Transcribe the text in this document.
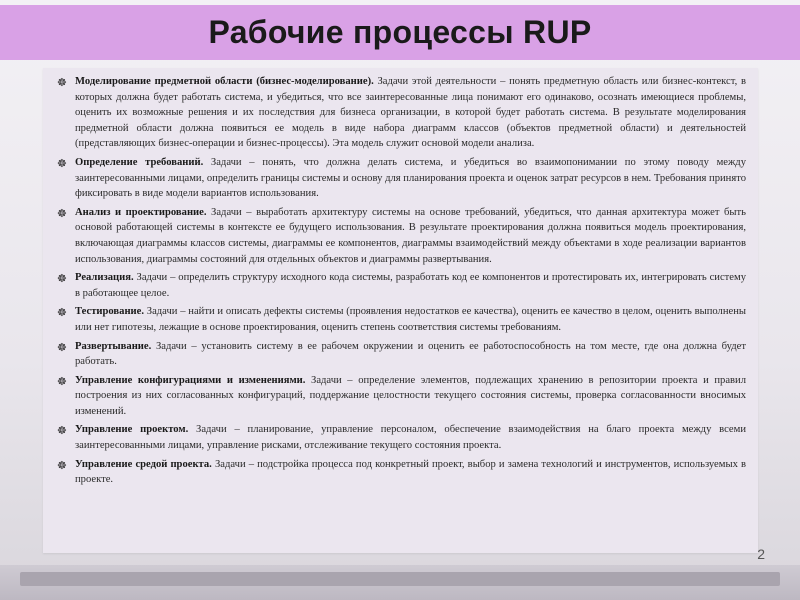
Рабочие процессы RUP
☸ Моделирование предметной области (бизнес-моделирование). Задачи этой деятельности – понять предметную область или бизнес-контекст, в которых должна будет работать система, и убедиться, что все заинтересованные лица понимают его одинаково, осознать имеющиеся проблемы, оценить их возможные решения и их последствия для бизнеса организации, в которой будет работать система. В результате моделирования предметной области должна появиться ее модель в виде набора диаграмм классов (объектов предметной области) и деятельностей (представляющих бизнес-операции и бизнес-процессы). Эта модель служит основой модели анализа.
☸ Определение требований. Задачи – понять, что должна делать система, и убедиться во взаимопонимании по этому поводу между заинтересованными лицами, определить границы системы и основу для планирования проекта и оценок затрат ресурсов в нем. Требования принято фиксировать в виде модели вариантов использования.
☸ Анализ и проектирование. Задачи – выработать архитектуру системы на основе требований, убедиться, что данная архитектура может быть основой работающей системы в контексте ее будущего использования. В результате проектирования должна появиться модель проектирования, включающая диаграммы классов системы, диаграммы ее компонентов, диаграммы взаимодействий между объектами в ходе реализации вариантов использования, диаграммы состояний для отдельных объектов и диаграммы развертывания.
☸ Реализация. Задачи – определить структуру исходного кода системы, разработать код ее компонентов и протестировать их, интегрировать систему в работающее целое.
☸ Тестирование. Задачи – найти и описать дефекты системы (проявления недостатков ее качества), оценить ее качество в целом, оценить выполнены или нет гипотезы, лежащие в основе проектирования, оценить степень соответствия системы требованиям.
☸ Развертывание. Задачи – установить систему в ее рабочем окружении и оценить ее работоспособность на том месте, где она должна будет работать.
☸ Управление конфигурациями и изменениями. Задачи – определение элементов, подлежащих хранению в репозитории проекта и правил построения из них согласованных конфигураций, поддержание целостности текущего состояния системы, проверка согласованности вносимых изменений.
☸ Управление проектом. Задачи – планирование, управление персоналом, обеспечение взаимодействия на благо проекта между всеми заинтересованными лицами, управление рисками, отслеживание текущего состояния проекта.
☸ Управление средой проекта. Задачи – подстройка процесса под конкретный проект, выбор и замена технологий и инструментов, используемых в проекте.
2
